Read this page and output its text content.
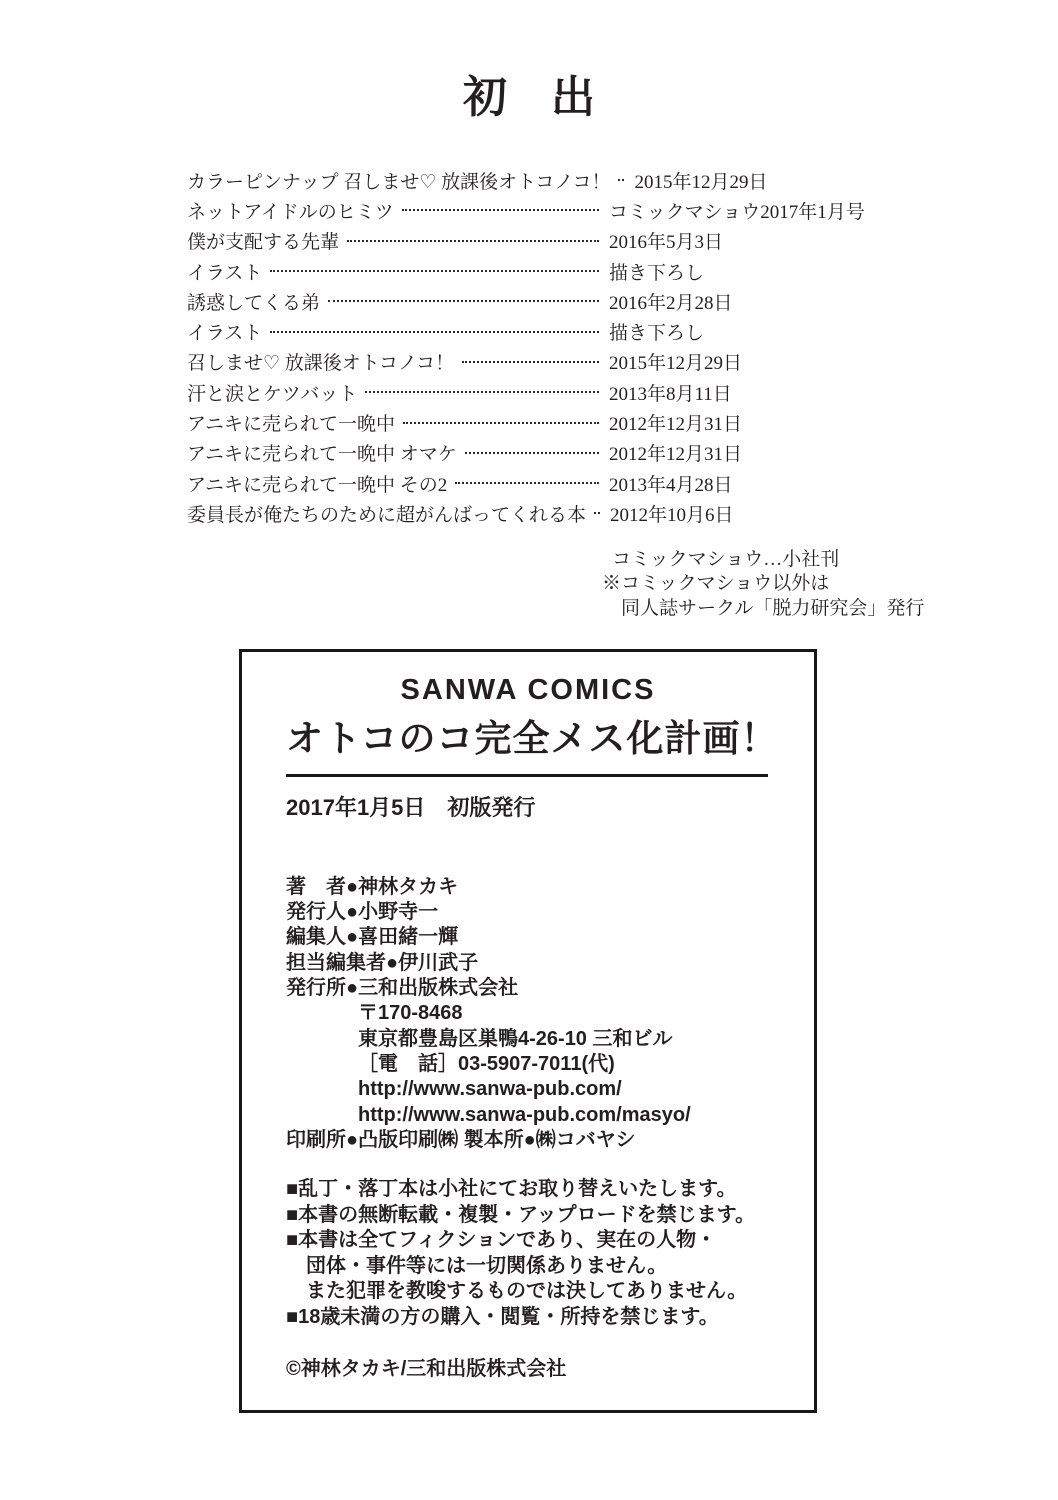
初　出
カラーピンナップ 召しませ♡ 放課後オトコノコ！ 2015年12月29日
ネットアイドルのヒミツ	コミックマショウ2017年1月号
僕が支配する先輩	2016年5月3日
イラスト	描き下ろし
誘惑してくる弟	2016年2月28日
イラスト	描き下ろし
召しませ♡ 放課後オトコノコ！	2015年12月29日
汗と涙とケツバット	2013年8月11日
アニキに売られて一晩中	2012年12月31日
アニキに売られて一晩中 オマケ	2012年12月31日
アニキに売られて一晩中 その2	2013年4月28日
委員長が俺たちのために超がんばってくれる本 2012年10月6日
コミックマショウ…小社刊
※コミックマショウ以外は
　同人誌サークル「脱力研究会」発行
SANWA COMICS
オトコのコ完全メス化計画！
2017年1月5日　初版発行
著　者●神林タカキ
発行人●小野寺一
編集人●喜田緒一輝
担当編集者●伊川武子
発行所●三和出版株式会社
〒170-8468
東京都豊島区巣鴨4-26-10 三和ビル
［電　話］03-5907-7011(代)
http://www.sanwa-pub.com/
http://www.sanwa-pub.com/masyo/
印刷所●凸版印刷㈱ 製本所●㈱コバヤシ
■乱丁・落丁本は小社にてお取り替えいたします。
■本書の無断転載・複製・アップロードを禁じます。
■本書は全てフィクションであり、実在の人物・
　団体・事件等には一切関係ありません。
　また犯罪を教唆するものでは決してありません。
■18歳未満の方の購入・閲覧・所持を禁じます。
©神林タカキ/三和出版株式会社
